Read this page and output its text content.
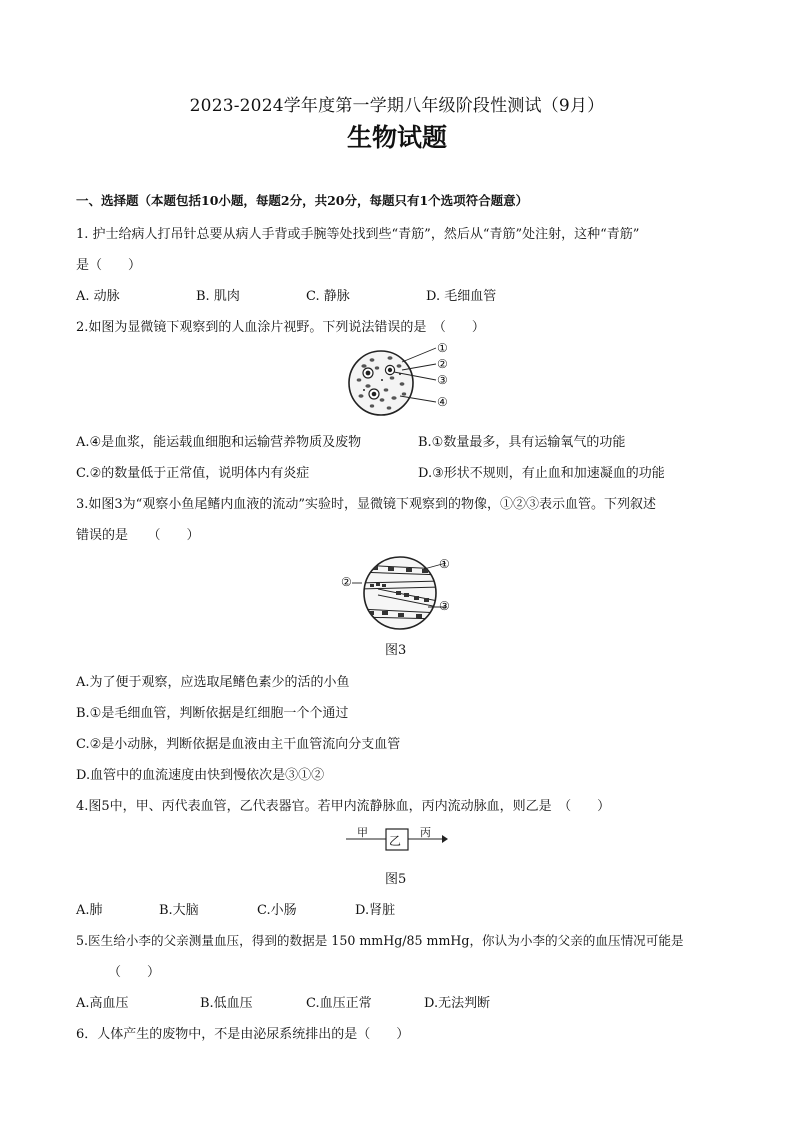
2023-2024学年度第一学期八年级阶段性测试（9月）
生物试题
一、选择题（本题包括10小题，每题2分，共20分，每题只有1个选项符合题意）
1. 护士给病人打吊针总要从病人手背或手腕等处找到些“青筋”，然后从“青筋”处注射，这种“青筋”
是（　　）
A. 动脉	B. 肌肉	C. 静脉	D. 毛细血管
2.如图为显微镜下观察到的人血涂片视野。下列说法错误的是　（　　）
①
②
③
④
A.④是血浆，能运载血细胞和运输营养物质及废物	B.①数量最多，具有运输氧气的功能
C.②的数量低于正常值，说明体内有炎症	D.③形状不规则，有止血和加速凝血的功能
3.如图3为“观察小鱼尾鳍内血液的流动”实验时，显微镜下观察到的物像，①②③表示血管。下列叙述
错误的是　　（　　）
①
②
③
图3
A.为了便于观察，应选取尾鳍色素少的活的小鱼
B.①是毛细血管，判断依据是红细胞一个个通过
C.②是小动脉，判断依据是血液由主干血管流向分支血管
D.血管中的血流速度由快到慢依次是③①②
4.图5中，甲、丙代表血管，乙代表器官。若甲内流静脉血，丙内流动脉血，则乙是　（　　）
甲
乙
丙
图5
A.肺	B.大脑	C.小肠	D.肾脏
5.医生给小李的父亲测量血压，得到的数据是 150 mmHg/85 mmHg，你认为小李的父亲的血压情况可能是
（　　）
A.高血压	B.低血压	C.血压正常	D.无法判断
6．人体产生的废物中，不是由泌尿系统排出的是（　　）
